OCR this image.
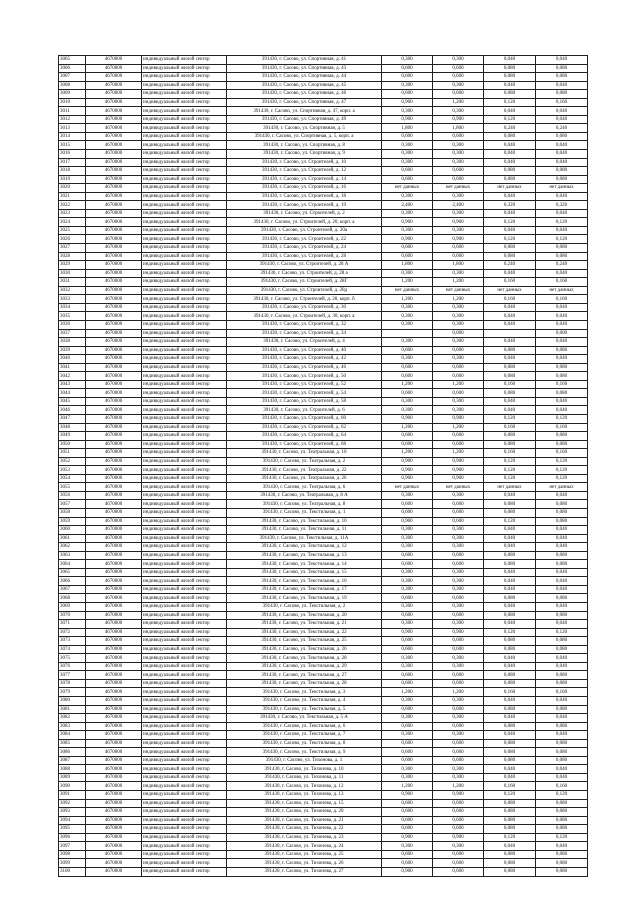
3005	4670000	индивидуальный жилой сектор	391430, г. Сасово, ул. Спортивная, д. 41	0,300	0,300	0,040	0,040
3006	4670000	индивидуальный жилой сектор	391430, г. Сасово, ул. Спортивная, д. 43	0,600	0,600	0,080	0,080
3007	4670000	индивидуальный жилой сектор	391430, г. Сасово, ул. Спортивная, д. 44	0,600	0,600	0,080	0,080
3008	4670000	индивидуальный жилой сектор	391430, г. Сасово, ул. Спортивная, д. 45	0,300	0,300	0,040	0,040
3009	4670000	индивидуальный жилой сектор	391430, г. Сасово, ул. Спортивная, д. 46	0,600	0,600	0,080	0,080
3010	4670000	индивидуальный жилой сектор	391430, г. Сасово, ул. Спортивная, д. 47	0,900	1,200	0,120	0,160
3011	4670000	индивидуальный жилой сектор	391430, г. Сасово, ул. Спортивная, д. 47, корп. а	0,300	0,300	0,040	0,040
3012	4670000	индивидуальный жилой сектор	391430, г. Сасово, ул. Спортивная, д. 49	0,900	0,900	0,120	0,040
3013	4670000	индивидуальный жилой сектор	391430, г. Сасово, ул. Спортивная, д. 5	1,800	1,800	0,240	0,240
3014	4670000	индивидуальный жилой сектор	391430, г. Сасово, ул. Спортивная, д. 5, корп. а	0,600	0,600	0,080	0,080
3015	4670000	индивидуальный жилой сектор	391430, г. Сасово, ул. Спортивная, д. 8	0,300	0,300	0,040	0,040
3016	4670000	индивидуальный жилой сектор	391430, г. Сасово, ул. Спортивная, д. 9	0,300	0,300	0,040	0,040
3017	4670000	индивидуальный жилой сектор	391430, г. Сасово, ул. Строителей, д. 10	0,300	0,300	0,040	0,040
3018	4670000	индивидуальный жилой сектор	391430, г. Сасово, ул. Строителей, д. 12	0,600	0,600	0,080	0,080
3019	4670000	индивидуальный жилой сектор	391430, г. Сасово, ул. Строителей, д. 14	0,600	0,600	0,080	0,080
3020	4670000	индивидуальный жилой сектор	391430, г. Сасово, ул. Строителей, д. 16	нет данных	нет данных	нет данных	нет данных
3021	4670000	индивидуальный жилой сектор	391430, г. Сасово, ул. Строителей, д. 18	0,300	0,300	0,040	0,040
3022	4670000	индивидуальный жилой сектор	391430, г. Сасово, ул. Строителей, д. 19	2,400	2,400	0,320	0,320
3023	4670000	индивидуальный жилой сектор	391430, г. Сасово, ул. Строителей, д. 2	0,300	0,300	0,040	0,040
3024	4670000	индивидуальный жилой сектор	391430, г. Сасово, ул. Строителей, д. 20, корп. а	0,900	0,900	0,120	0,120
3025	4670000	индивидуальный жилой сектор	391430, г. Сасово, ул. Строителей, д. 20а	0,300	0,300	0,040	0,040
3026	4670000	индивидуальный жилой сектор	391430, г. Сасово, ул. Строителей, д. 22	0,900	0,900	0,120	0,120
3027	4670000	индивидуальный жилой сектор	391430, г. Сасово, ул. Строителей, д. 24	0,600	0,600	0,080	0,080
3028	4670000	индивидуальный жилой сектор	391430, г. Сасово, ул. Строителей, д. 28	0,600	0,600	0,080	0,080
3029	4670000	индивидуальный жилой сектор	391430, г. Сасово, ул. Строителей, д. 28 А	1,800	1,800	0,240	0,240
3030	4670000	индивидуальный жилой сектор	391430, г. Сасово, ул. Строителей, д. 28 а	0,300	0,300	0,040	0,040
3031	4670000	индивидуальный жилой сектор	391430, г. Сасово, ул. Строителей, д. 28Г	1,200	1,200	0,160	0,160
3032	4670000	индивидуальный жилой сектор	391430, г. Сасово, ул. Строителей, д. 28д	нет данных	нет данных	нет данных	нет данных
3033	4670000	индивидуальный жилой сектор	391430, г. Сасово, ул. Строителей, д. 28, корп. б	1,200	1,200	0,160	0,160
3034	4670000	индивидуальный жилой сектор	391430, г. Сасово, ул. Строителей, д. 30	0,300	0,300	0,040	0,040
3035	4670000	индивидуальный жилой сектор	391430, г. Сасово, ул. Строителей, д. 30, корп. а	0,300	0,300	0,040	0,040
3036	4670000	индивидуальный жилой сектор	391430, г. Сасово, ул. Строителей, д. 32	0,300	0,300	0,040	0,040
3037	4670000	индивидуальный жилой сектор	391430, г. Сасово, ул. Строителей, д. 34		0,000		0,000
3038	4670000	индивидуальный жилой сектор	391430, г. Сасово, ул. Строителей, д. 4	0,300	0,300	0,040	0,040
3039	4670000	индивидуальный жилой сектор	391430, г. Сасово, ул. Строителей, д. 40	0,600	0,600	0,080	0,080
3040	4670000	индивидуальный жилой сектор	391430, г. Сасово, ул. Строителей, д. 42	0,300	0,300	0,040	0,040
3041	4670000	индивидуальный жилой сектор	391430, г. Сасово, ул. Строителей, д. 46	0,600	0,600	0,080	0,080
3042	4670000	индивидуальный жилой сектор	391430, г. Сасово, ул. Строителей, д. 50	0,600	0,600	0,080	0,080
3043	4670000	индивидуальный жилой сектор	391430, г. Сасово, ул. Строителей, д. 52	1,200	1,200	0,160	0,160
3044	4670000	индивидуальный жилой сектор	391430, г. Сасово, ул. Строителей, д. 54	0,600	0,600	0,080	0,080
3045	4670000	индивидуальный жилой сектор	391430, г. Сасово, ул. Строителей, д. 58	0,300	0,300	0,040	0,040
3046	4670000	индивидуальный жилой сектор	391430, г. Сасово, ул. Строителей, д. 6	0,300	0,300	0,040	0,040
3047	4670000	индивидуальный жилой сектор	391430, г. Сасово, ул. Строителей, д. 60	0,900	0,900	0,120	0,120
3048	4670000	индивидуальный жилой сектор	391430, г. Сасово, ул. Строителей, д. 62	1,200	1,200	0,160	0,160
3049	4670000	индивидуальный жилой сектор	391430, г. Сасово, ул. Строителей, д. 64	0,600	0,600	0,080	0,080
3050	4670000	индивидуальный жилой сектор	391430, г. Сасово, ул. Строителей, д. 68	0,600	0,600	0,080	0,080
3051	4670000	индивидуальный жилой сектор	391430, г. Сасово, ул. Театральная, д. 10	1,200	1,200	0,160	0,160
3052	4670000	индивидуальный жилой сектор	391430, г. Сасово, ул. Театральная, д. 2	0,900	0,900	0,120	0,120
3053	4670000	индивидуальный жилой сектор	391430, г. Сасово, ул. Театральная, д. 22	0,900	0,900	0,120	0,120
3054	4670000	индивидуальный жилой сектор	391430, г. Сасово, ул. Театральная, д. 26	0,900	0,900	0,120	0,120
3055	4670000	индивидуальный жилой сектор	391430, г. Сасово, ул. Театральная, д. 6	нет данных	нет данных	нет данных	нет данных
3056	4670000	индивидуальный жилой сектор	391430, г. Сасово, ул. Театральная, д. 8 А	0,300	0,300	0,040	0,040
3057	4670000	индивидуальный жилой сектор	391430, г. Сасово, ул. Театральная, д. 8	0,600	0,600	0,080	0,080
3058	4670000	индивидуальный жилой сектор	391430, г. Сасово, ул. Текстильная, д. 1	0,600	0,600	0,080	0,080
3059	4670000	индивидуальный жилой сектор	391430, г. Сасово, ул. Текстильная, д. 10	0,900	0,600	0,120	0,080
3060	4670000	индивидуальный жилой сектор	391430, г. Сасово, ул. Текстильная, д. 11	0,300	0,300	0,040	0,040
3061	4670000	индивидуальный жилой сектор	391430, г. Сасово, ул. Текстильная, д. 11А	0,300	0,300	0,040	0,040
3062	4670000	индивидуальный жилой сектор	391430, г. Сасово, ул. Текстильная, д. 12	0,300	0,300	0,040	0,040
3063	4670000	индивидуальный жилой сектор	391430, г. Сасово, ул. Текстильная, д. 13	0,600	0,600	0,080	0,080
3064	4670000	индивидуальный жилой сектор	391430, г. Сасово, ул. Текстильная, д. 14	0,600	0,600	0,080	0,080
3065	4670000	индивидуальный жилой сектор	391430, г. Сасово, ул. Текстильная, д. 15	0,300	0,300	0,040	0,040
3066	4670000	индивидуальный жилой сектор	391430, г. Сасово, ул. Текстильная, д. 16	0,300	0,300	0,040	0,040
3067	4670000	индивидуальный жилой сектор	391430, г. Сасово, ул. Текстильная, д. 17	0,300	0,300	0,040	0,040
3068	4670000	индивидуальный жилой сектор	391430, г. Сасово, ул. Текстильная, д. 19	0,600	0,600	0,080	0,080
3069	4670000	индивидуальный жилой сектор	391430, г. Сасово, ул. Текстильная, д. 2	0,300	0,300	0,040	0,040
3070	4670000	индивидуальный жилой сектор	391430, г. Сасово, ул. Текстильная, д. 20	0,600	0,600	0,080	0,080
3071	4670000	индивидуальный жилой сектор	391430, г. Сасово, ул. Текстильная, д. 21	0,300	0,300	0,040	0,040
3072	4670000	индивидуальный жилой сектор	391430, г. Сасово, ул. Текстильная, д. 22	0,900	0,900	0,120	0,120
3073	4670000	индивидуальный жилой сектор	391430, г. Сасово, ул. Текстильная, д. 25	0,600	0,600	0,080	0,080
3074	4670000	индивидуальный жилой сектор	391430, г. Сасово, ул. Текстильная, д. 26	0,600	0,600	0,080	0,080
3075	4670000	индивидуальный жилой сектор	391430, г. Сасово, ул. Текстильная, д. 28	0,300	0,300	0,040	0,040
3076	4670000	индивидуальный жилой сектор	391430, г. Сасово, ул. Текстильная, д. 29	0,300	0,300	0,040	0,040
3077	4670000	индивидуальный жилой сектор	391430, г. Сасово, ул. Текстильная, д. 27	0,600	0,600	0,080	0,080
3078	4670000	индивидуальный жилой сектор	391430, г. Сасово, ул. Текстильная, д. 28	0,600	0,600	0,080	0,080
3079	4670000	индивидуальный жилой сектор	391430, г. Сасово, ул. Текстильная, д. 3	1,200	1,200	0,160	0,160
3080	4670000	индивидуальный жилой сектор	391430, г. Сасово, ул. Текстильная, д. 4	0,300	0,300	0,040	0,040
3081	4670000	индивидуальный жилой сектор	391430, г. Сасово, ул. Текстильная, д. 5	0,600	0,600	0,080	0,080
3082	4670000	индивидуальный жилой сектор	391430, г. Сасово, ул. Текстильная, д. 5 А	0,300	0,300	0,040	0,040
3083	4670000	индивидуальный жилой сектор	391430, г. Сасово, ул. Текстильная, д. 6	0,600	0,600	0,080	0,080
3084	4670000	индивидуальный жилой сектор	391430, г. Сасово, ул. Текстильная, д. 7	0,300	0,300	0,040	0,040
3085	4670000	индивидуальный жилой сектор	391430, г. Сасово, ул. Текстильная, д. 8	0,600	0,600	0,080	0,080
3086	4670000	индивидуальный жилой сектор	391430, г. Сасово, ул. Текстильная, д. 9	0,600	0,600	0,080	0,080
3087	4670000	индивидуальный жилой сектор	391430, г. Сасово, ул. Тихонова, д. 1	0,600	0,600	0,080	0,080
3088	4670000	индивидуальный жилой сектор	391430, г. Сасово, ул. Тихонова, д. 10	0,300	0,300	0,040	0,040
3089	4670000	индивидуальный жилой сектор	391430, г. Сасово, ул. Тихонова, д. 11	0,300	0,300	0,040	0,040
3090	4670000	индивидуальный жилой сектор	391430, г. Сасово, ул. Тихонова, д. 12	1,200	1,200	0,160	0,160
3091	4670000	индивидуальный жилой сектор	391430, г. Сасово, ул. Тихонова, д. 13	0,900	0,900	0,120	0,120
3092	4670000	индивидуальный жилой сектор	391430, г. Сасово, ул. Тихонова, д. 15	0,600	0,600	0,080	0,080
3093	4670000	индивидуальный жилой сектор	391430, г. Сасово, ул. Тихонова, д. 20	0,600	0,600	0,080	0,080
3094	4670000	индивидуальный жилой сектор	391430, г. Сасово, ул. Тихонова, д. 21	0,600	0,600	0,080	0,080
3095	4670000	индивидуальный жилой сектор	391430, г. Сасово, ул. Тихонова, д. 22	0,600	0,600	0,080	0,080
3096	4670000	индивидуальный жилой сектор	391430, г. Сасово, ул. Тихонова, д. 23	0,900	0,900	0,120	0,120
3097	4670000	индивидуальный жилой сектор	391430, г. Сасово, ул. Тихонова, д. 24	0,300	0,300	0,040	0,040
3098	4670000	индивидуальный жилой сектор	391430, г. Сасово, ул. Тихонова, д. 25	0,600	0,600	0,080	0,080
3099	4670000	индивидуальный жилой сектор	391430, г. Сасово, ул. Тихонова, д. 26	0,600	0,600	0,080	0,080
3100	4670000	индивидуальный жилой сектор	391430, г. Сасово, ул. Тихонова, д. 27	0,900	0,600	0,080	0,080
